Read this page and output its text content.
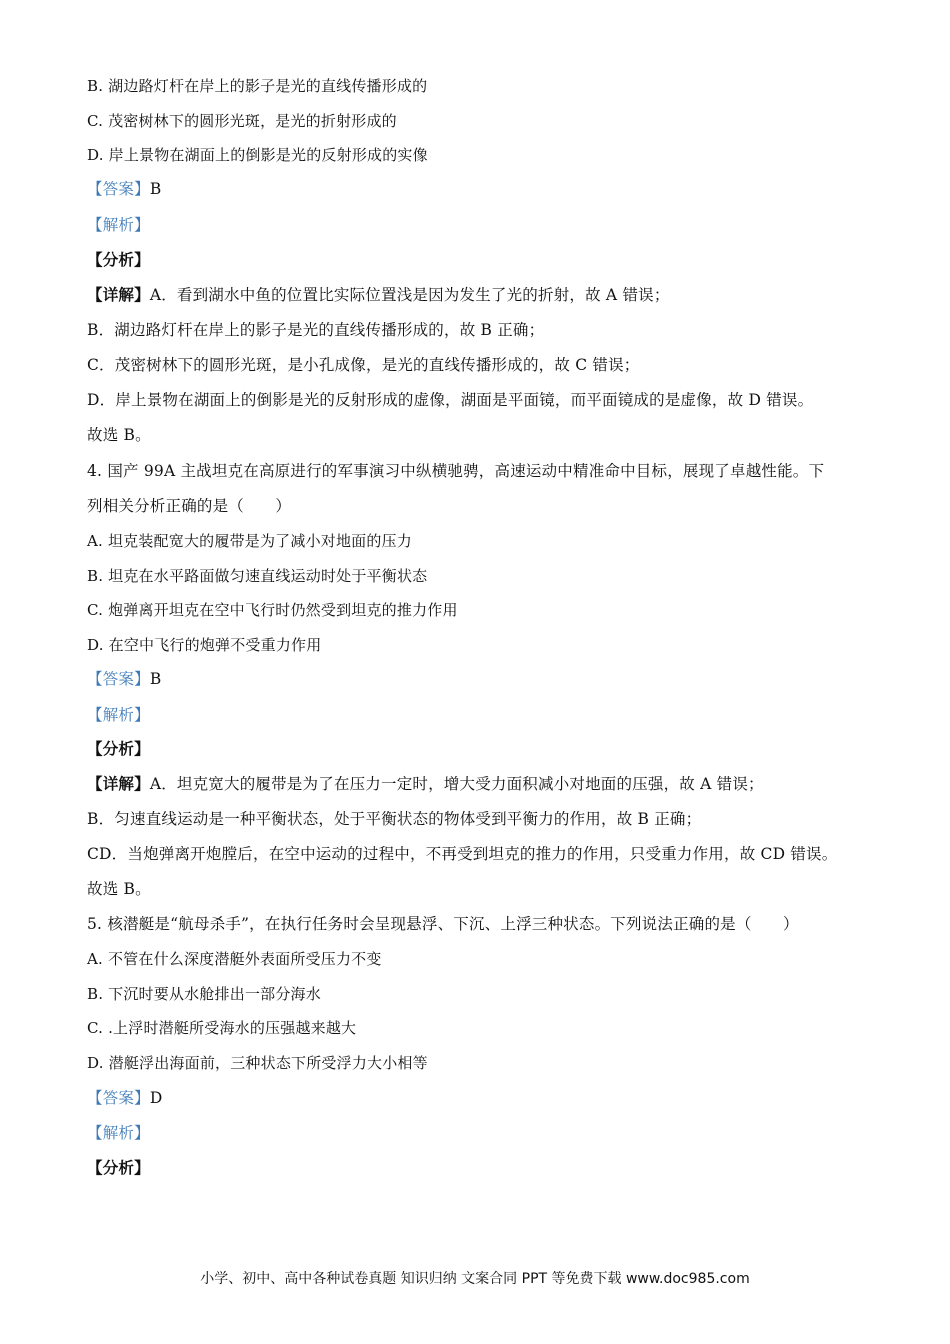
B. 湖边路灯杆在岸上的影子是光的直线传播形成的
C. 茂密树林下的圆形光斑，是光的折射形成的
D. 岸上景物在湖面上的倒影是光的反射形成的实像
【答案】B
【解析】
【分析】
【详解】A．看到湖水中鱼的位置比实际位置浅是因为发生了光的折射，故 A 错误；
B．湖边路灯杆在岸上的影子是光的直线传播形成的，故 B 正确；
C．茂密树林下的圆形光斑，是小孔成像，是光的直线传播形成的，故 C 错误；
D．岸上景物在湖面上的倒影是光的反射形成的虚像，湖面是平面镜，而平面镜成的是虚像，故 D 错误。
故选 B。
4. 国产 99A 主战坦克在高原进行的军事演习中纵横驰骋，高速运动中精准命中目标，展现了卓越性能。下
列相关分析正确的是（　　）
A. 坦克装配宽大的履带是为了减小对地面的压力
B. 坦克在水平路面做匀速直线运动时处于平衡状态
C. 炮弹离开坦克在空中飞行时仍然受到坦克的推力作用
D. 在空中飞行的炮弹不受重力作用
【答案】B
【解析】
【分析】
【详解】A．坦克宽大的履带是为了在压力一定时，增大受力面积减小对地面的压强，故 A 错误；
B．匀速直线运动是一种平衡状态，处于平衡状态的物体受到平衡力的作用，故 B 正确；
CD．当炮弹离开炮膛后，在空中运动的过程中，不再受到坦克的推力的作用，只受重力作用，故 CD 错误。
故选 B。
5. 核潜艇是“航母杀手”，在执行任务时会呈现悬浮、下沉、上浮三种状态。下列说法正确的是（　　）
A. 不管在什么深度潜艇外表面所受压力不变
B. 下沉时要从水舱排出一部分海水
C. .上浮时潜艇所受海水的压强越来越大
D. 潜艇浮出海面前，三种状态下所受浮力大小相等
【答案】D
【解析】
【分析】
小学、初中、高中各种试卷真题 知识归纳 文案合同 PPT 等免费下载 www.doc985.com
